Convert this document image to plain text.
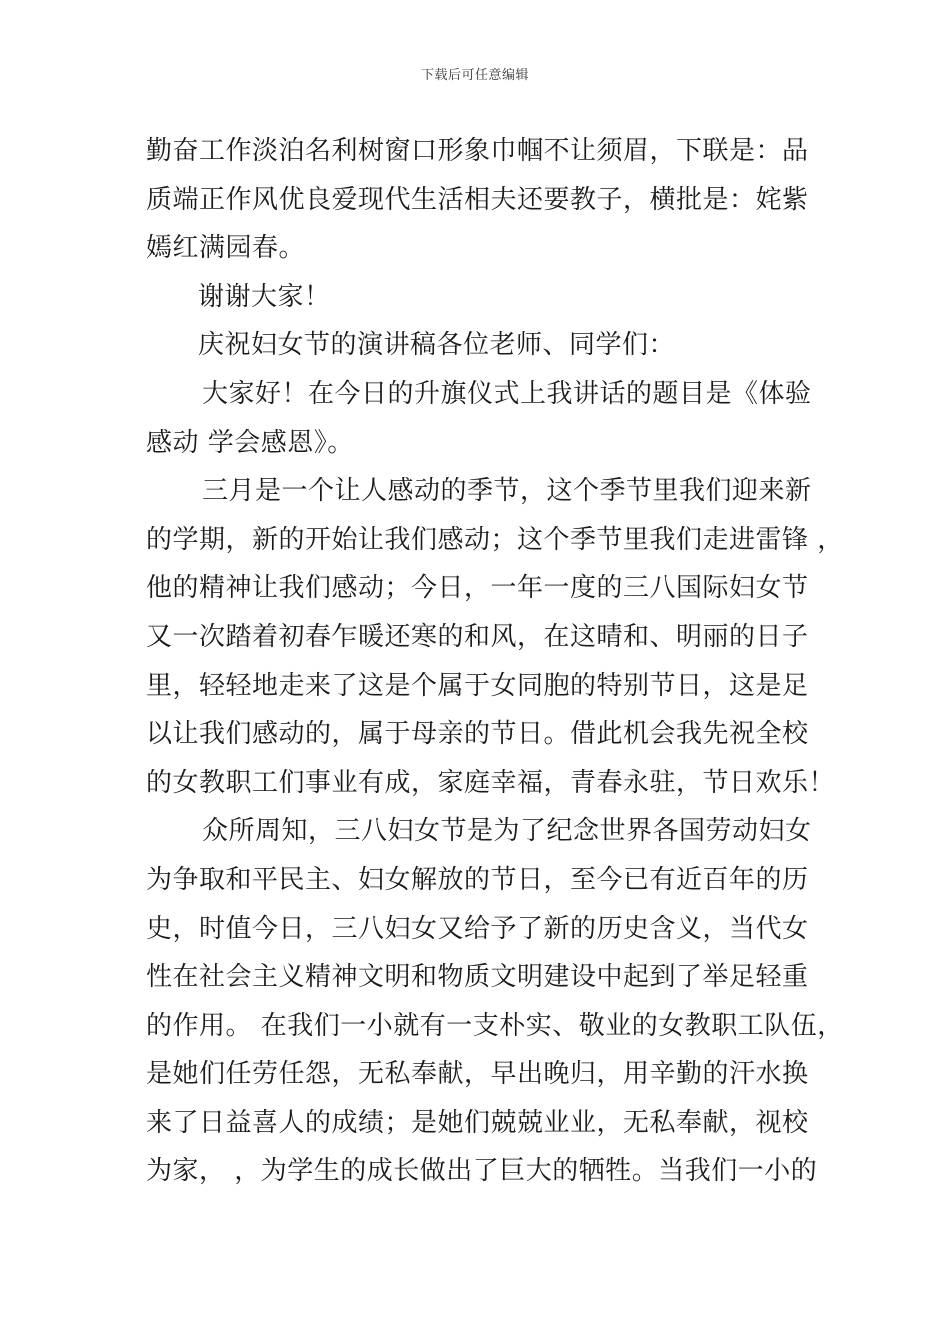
下载后可任意编辑
勤奋工作淡泊名利树窗口形象巾帼不让须眉，下联是：品
质端正作风优良爱现代生活相夫还要教子，横批是：姹紫
嫣红满园春。
谢谢大家！
庆祝妇女节的演讲稿各位老师、同学们：
大家好！在今日的升旗仪式上我讲话的题目是《体验
感动 学会感恩》。
三月是一个让人感动的季节，这个季节里我们迎来新
的学期，新的开始让我们感动；这个季节里我们走进雷锋 ，
他的精神让我们感动；今日，一年一度的三八国际妇女节
又一次踏着初春乍暖还寒的和风，在这晴和、明丽的日子
里，轻轻地走来了这是个属于女同胞的特别节日，这是足
以让我们感动的，属于母亲的节日。借此机会我先祝全校
的女教职工们事业有成，家庭幸福，青春永驻，节日欢乐！
众所周知，三八妇女节是为了纪念世界各国劳动妇女
为争取和平民主、妇女解放的节日，至今已有近百年的历
史，时值今日，三八妇女又给予了新的历史含义，当代女
性在社会主义精神文明和物质文明建设中起到了举足轻重
的作用。 在我们一小就有一支朴实、敬业的女教职工队伍，
是她们任劳任怨，无私奉献，早出晚归，用辛勤的汗水换
来了日益喜人的成绩；是她们兢兢业业，无私奉献，视校
为家， ，为学生的成长做出了巨大的牺牲。当我们一小的
